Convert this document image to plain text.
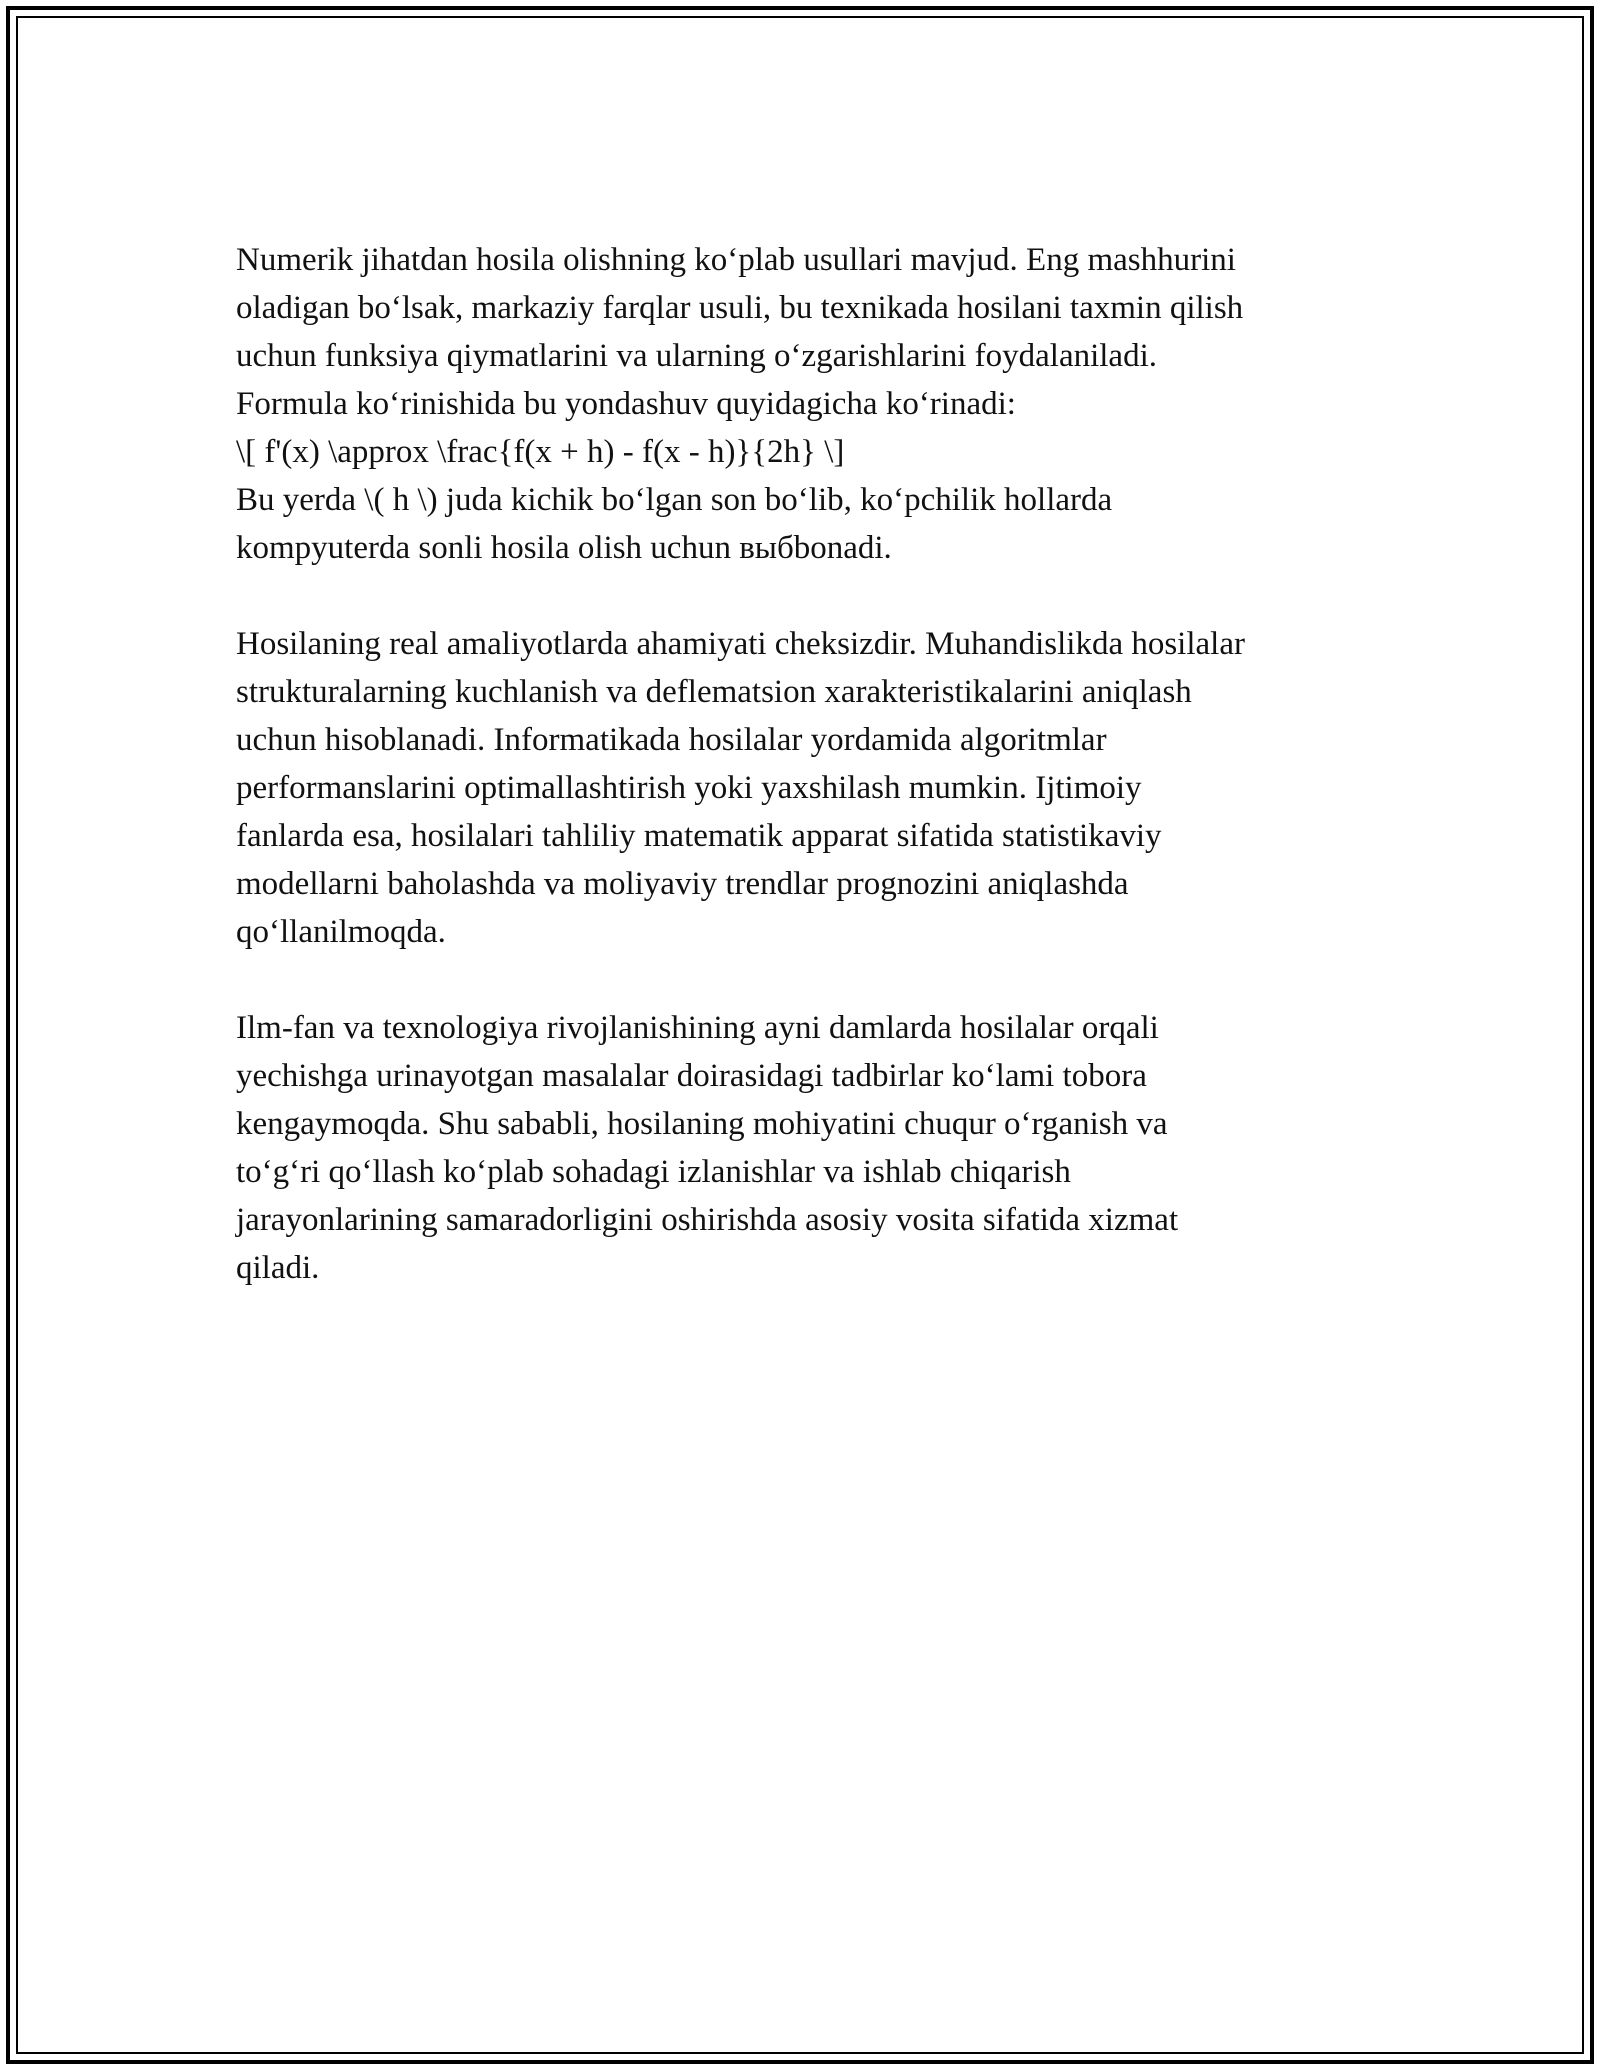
Numerik jihatdan hosila olishning ko‘plab usullari mavjud. Eng mashhurini
oladigan bo‘lsak, markaziy farqlar usuli, bu texnikada hosilani taxmin qilish
uchun funksiya qiymatlarini va ularning o‘zgarishlarini foydalaniladi.
Formula ko‘rinishida bu yondashuv quyidagicha ko‘rinadi:
\[ f'(x) \approx \frac{f(x + h) - f(x - h)}{2h} \]
Bu yerda \( h \) juda kichik bo‘lgan son bo‘lib, ko‘pchilik hollarda
kompyuterda sonli hosila olish uchun выбbonadi.

Hosilaning real amaliyotlarda ahamiyati cheksizdir. Muhandislikda hosilalar
strukturalarning kuchlanish va deflematsion xarakteristikalarini aniqlash
uchun hisoblanadi. Informatikada hosilalar yordamida algoritmlar
performanslarini optimallashtirish yoki yaxshilash mumkin. Ijtimoiy
fanlarda esa, hosilalari tahliliy matematik apparat sifatida statistikaviy
modellarni baholashda va moliyaviy trendlar prognozini aniqlashda
qo‘llanilmoqda.

Ilm-fan va texnologiya rivojlanishining ayni damlarda hosilalar orqali
yechishga urinayotgan masalalar doirasidagi tadbirlar ko‘lami tobora
kengaymoqda. Shu sababli, hosilaning mohiyatini chuqur o‘rganish va
to‘g‘ri qo‘llash ko‘plab sohadagi izlanishlar va ishlab chiqarish
jarayonlarining samaradorligini oshirishda asosiy vosita sifatida xizmat
qiladi.
